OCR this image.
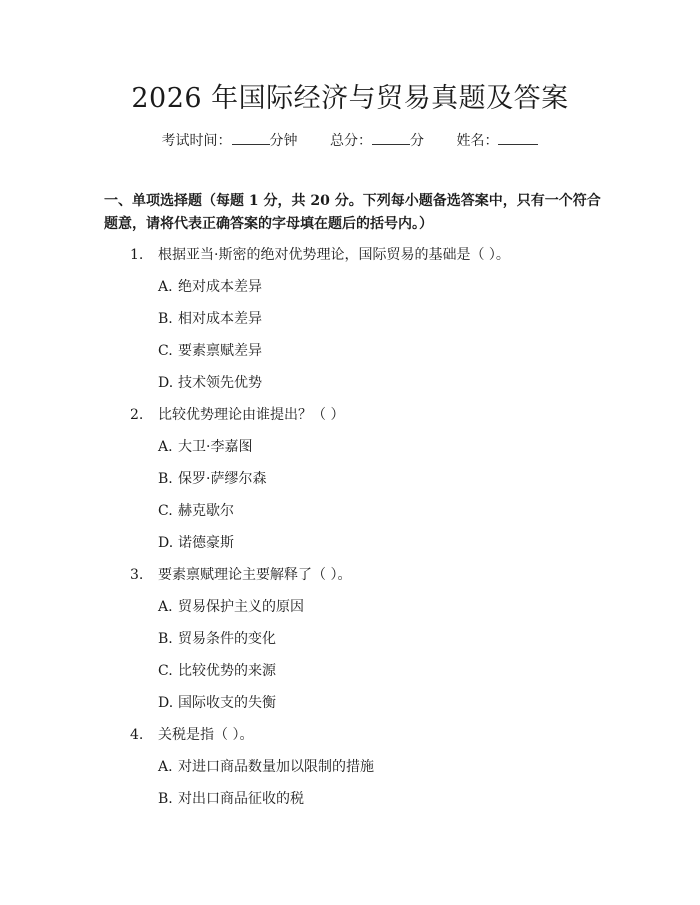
2026 年国际经济与贸易真题及答案
考试时间：	分钟 总分：	分 姓名：
一、单项选择题（每题 1 分，共 20 分。下列每小题备选答案中，只有一个符合题意，请将代表正确答案的字母填在题后的括号内。）
1. 根据亚当·斯密的绝对优势理论，国际贸易的基础是（ ）。
A. 绝对成本差异
B. 相对成本差异
C. 要素禀赋差异
D. 技术领先优势
2. 比较优势理论由谁提出？（ ）
A. 大卫·李嘉图
B. 保罗·萨缪尔森
C. 赫克歇尔
D. 诺德豪斯
3. 要素禀赋理论主要解释了（ ）。
A. 贸易保护主义的原因
B. 贸易条件的变化
C. 比较优势的来源
D. 国际收支的失衡
4. 关税是指（ ）。
A. 对进口商品数量加以限制的措施
B. 对出口商品征收的税
